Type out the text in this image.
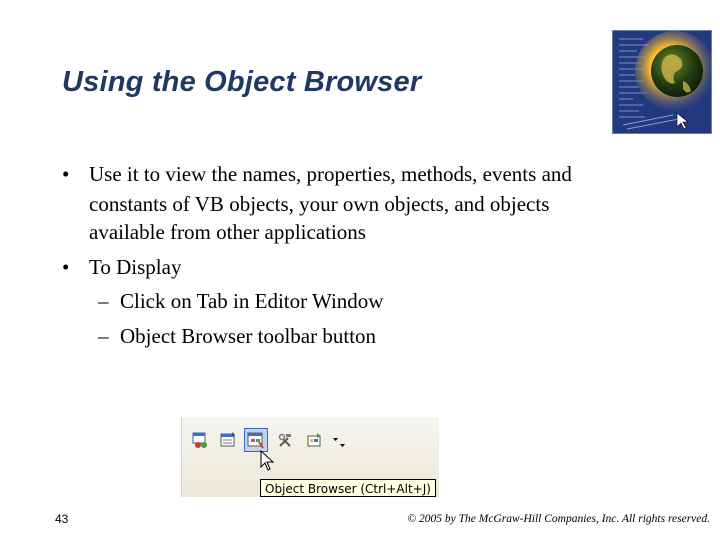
Using the Object Browser
• Use it to view the names, properties, methods, events and
constants of VB objects, your own objects, and objects
available from other applications
• To Display
– Click on Tab in Editor Window
– Object Browser toolbar button
Object Browser (Ctrl+Alt+J)
43	© 2005 by The McGraw-Hill Companies, Inc. All rights reserved.
